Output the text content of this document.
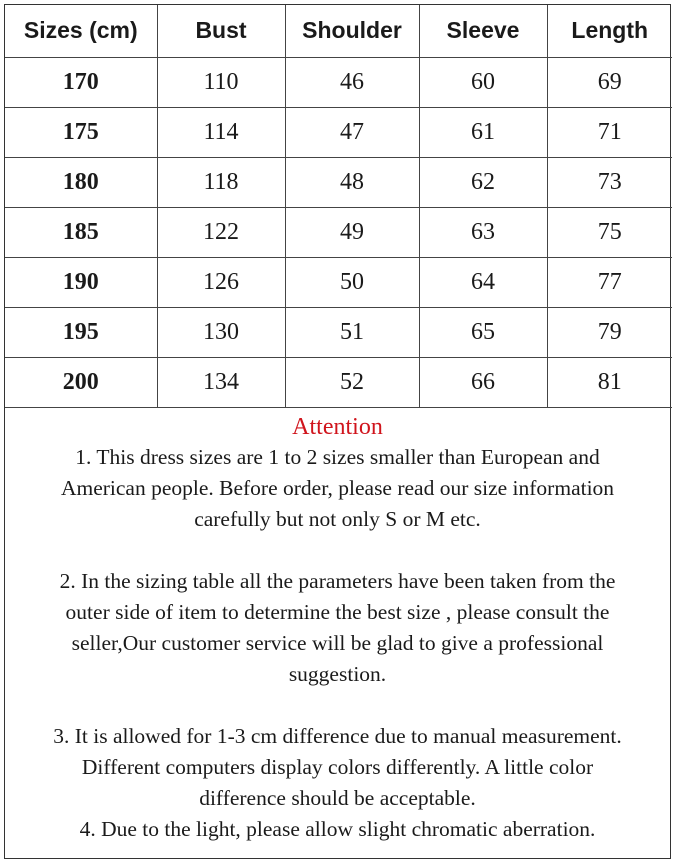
Sizes (cm)	Bust	Shoulder	Sleeve	Length
170	110	46	60	69
175	114	47	61	71
180	118	48	62	73
185	122	49	63	75
190	126	50	64	77
195	130	51	65	79
200	134	52	66	81
Attention
1. This dress sizes are 1 to 2 sizes smaller than European and
American people. Before order, please read our size information
carefully but not only S or M etc.
2. In the sizing table all the parameters have been taken from the
outer side of item to determine the best size , please consult the
seller,Our customer service will be glad to give a professional
suggestion.
3. It is allowed for 1-3 cm difference due to manual measurement.
Different computers display colors differently. A little color
difference should be acceptable.
4. Due to the light, please allow slight chromatic aberration.
